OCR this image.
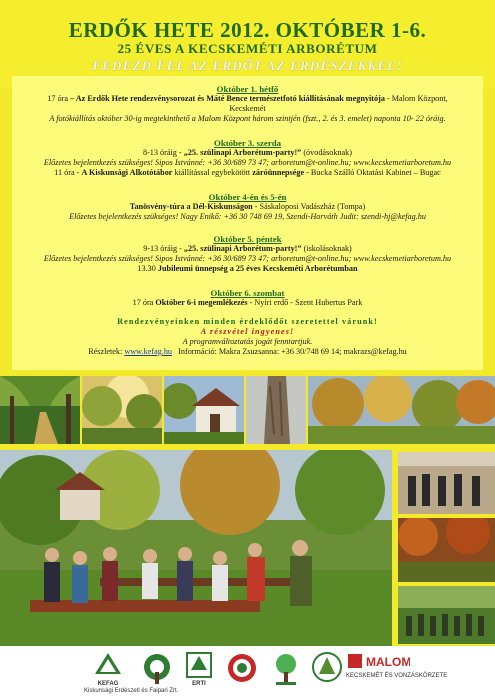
ERDŐK HETE 2012. OKTÓBER 1-6.
25 ÉVES A KECSKEMÉTI ARBORÉTUM
FEDEZD FEL AZ ERDŐT AZ ERDÉSZEKKEL!
Október 1. hétfő
17 óra – Az Erdők Hete rendezvénysorozat és Máté Bence természetfotó kiállításának megnyitója - Malom Központ,
Kecskemét
A fotókiállítás október 30-ig megtekinthető a Malom Központ három szintjén (fszt., 2. és 3. emelet) naponta 10- 22 óráig.
Október 3. szerda
8-13 óráig - „25. szülinapi Arborétum-party!” (óvodásoknak)
Előzetes bejelentkezés szükséges! Sipos Istvánné: +36 30/689 73 47; arboretum@t-online.hu; www.kecskemetiarboretum.hu
11 óra - A Kiskunsági Alkotótábor kiállítással egybekötött záróünnepsége - Bucka Szálló Oktatási Kabinet – Bugac
Október 4-én és 5-én
Tanösvény-túra a Dél-Kiskunságon - Sáskaloposi Vadászház (Tompa)
Előzetes bejelentkezés szükséges! Nagy Enikő: +36 30 748 69 19, Szendi-Horváth Judit: szendi-hj@kefag.hu
Október 5. péntek
9-13 óráig - „25. szülinapi Arborétum-party!” (iskolásoknak)
Előzetes bejelentkezés szükséges! Sipos Istvánné: +36 30/689 73 47; arboretum@t-online.hu; www.kecskemetiarboretum.hu
13.30 Jubileumi ünnepség a 25 éves Kecskeméti Arborétumban
Október 6. szombat
17 óra Október 6-i megemlékezés - Nyíri erdő - Szent Hubertus Park
Rendezvényeinken minden érdeklődőt szeretettel várunk!
A részvétel ingyenes!
A programváltoztatás jogát fenntartjuk.
Részletek: www.kefag.hu Információ: Makra Zsuzsanna: +36 30/748 69 14; makrazs@kefag.hu
KEFAG
Kiskunsági Erdészeti és Faipari Zrt.
ERTI
MALOM
KECSKEMÉT ÉS VONZÁSKÖRZETE
